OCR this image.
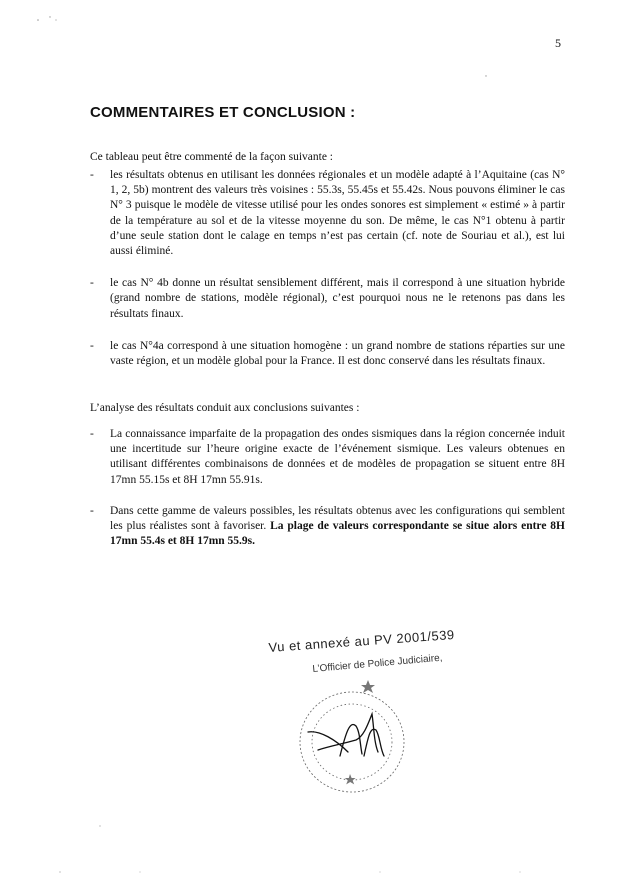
5
COMMENTAIRES ET CONCLUSION :

Ce tableau peut être commenté de la façon suivante :

- les résultats obtenus en utilisant les données régionales et un modèle adapté à l’Aquitaine (cas N° 1, 2, 5b) montrent des valeurs très voisines : 55.3s, 55.45s et 55.42s. Nous pouvons éliminer le cas N° 3 puisque le modèle de vitesse utilisé pour les ondes sonores est simplement « estimé » à partir de la température au sol et de la vitesse moyenne du son. De même, le cas N°1 obtenu à partir d’une seule station dont le calage en temps n’est pas certain (cf. note de Souriau et al.), est lui aussi éliminé.
- le cas N° 4b donne un résultat sensiblement différent, mais il correspond à une situation hybride (grand nombre de stations, modèle régional), c’est pourquoi nous ne le retenons pas dans les résultats finaux.
- le cas N°4a correspond à une situation homogène : un grand nombre de stations réparties sur une vaste région, et un modèle global pour la France. Il est donc conservé dans les résultats finaux.

L’analyse des résultats conduit aux conclusions suivantes :

- La connaissance imparfaite de la propagation des ondes sismiques dans la région concernée induit une incertitude sur l’heure origine exacte de l’événement sismique. Les valeurs obtenues en utilisant différentes combinaisons de données et de modèles de propagation se situent entre 8H 17mn 55.15s et 8H 17mn 55.91s.
- Dans cette gamme de valeurs possibles, les résultats obtenus avec les configurations qui semblent les plus réalistes sont à favoriser. La plage de valeurs correspondante se situe alors entre 8H 17mn 55.4s et 8H 17mn 55.9s.
Vu et annexé au PV 2001/539
L’Officier de Police Judiciaire,
